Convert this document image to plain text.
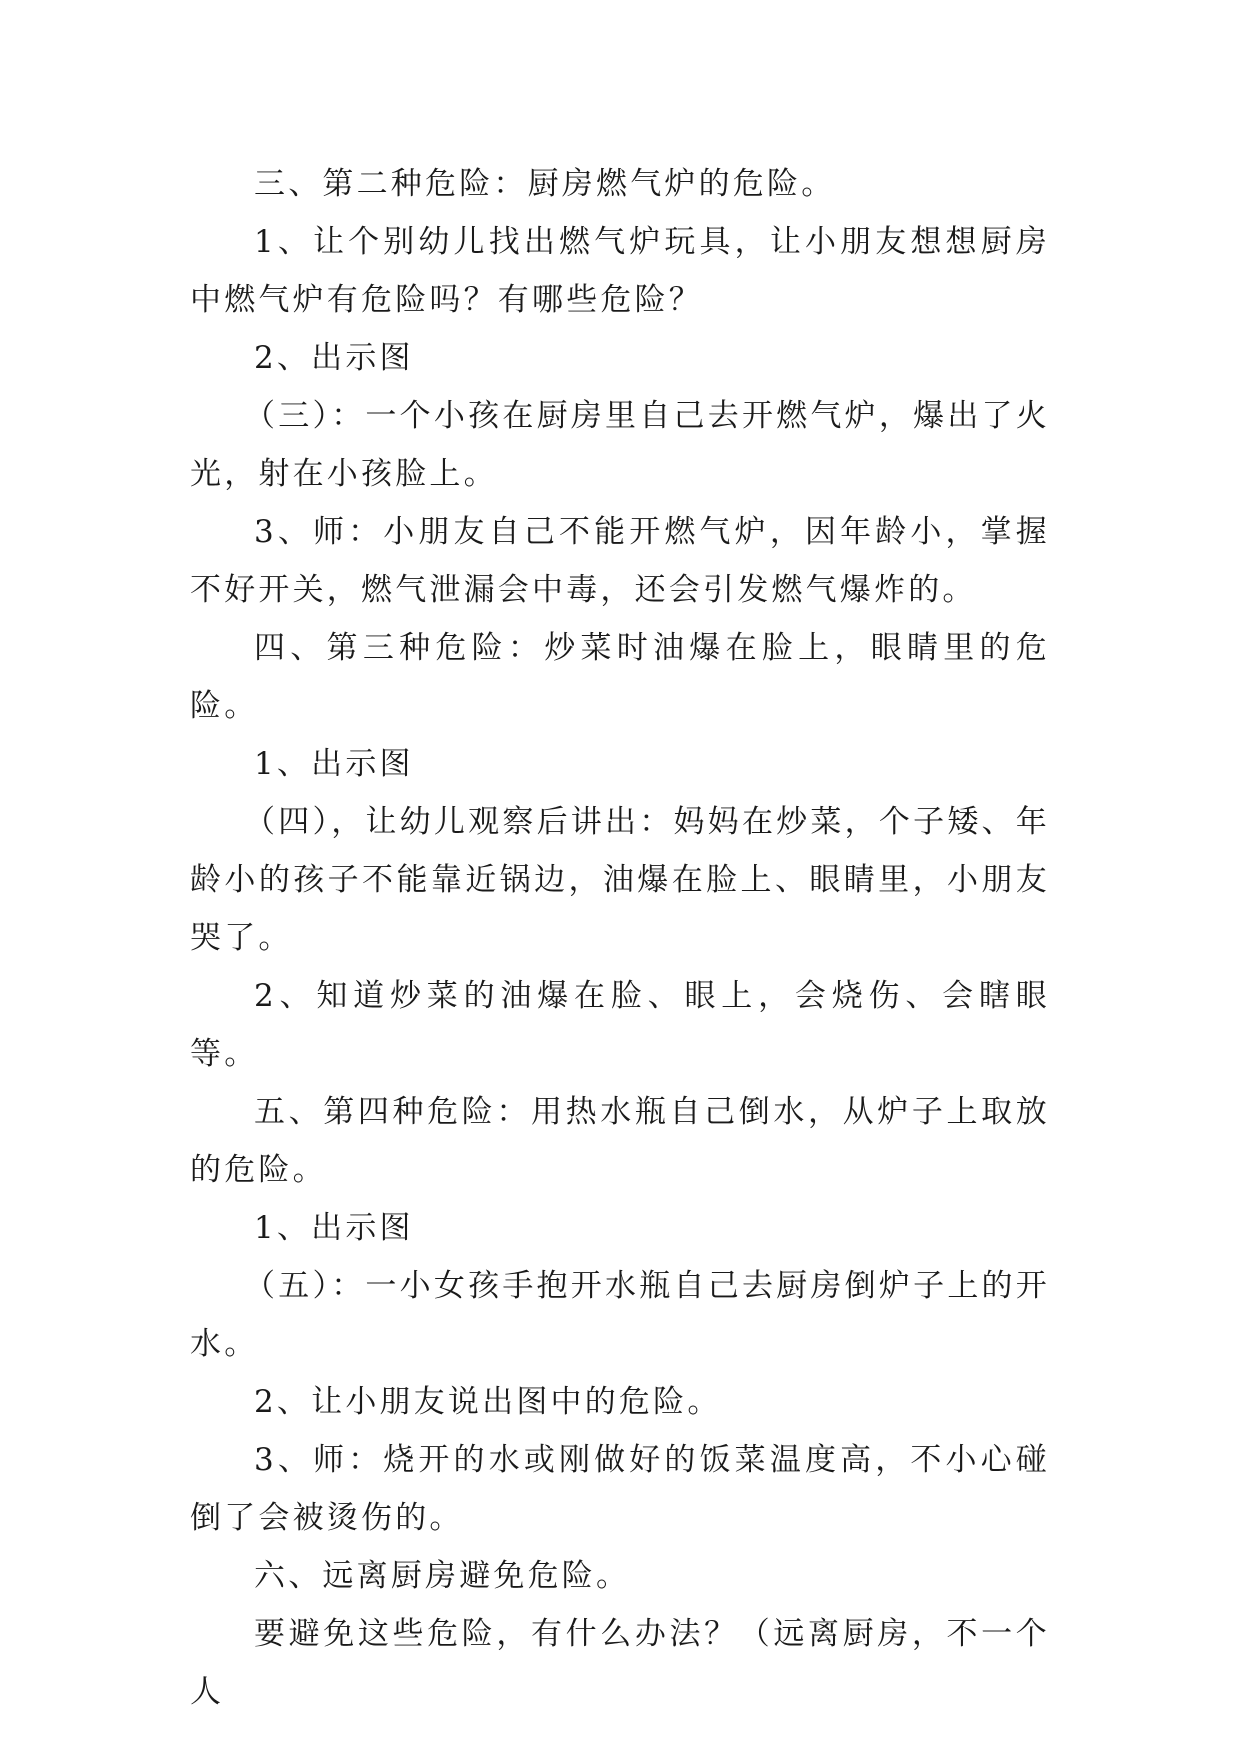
三、第二种危险：厨房燃气炉的危险。

1、让个别幼儿找出燃气炉玩具，让小朋友想想厨房中燃气炉有危险吗？有哪些危险？

2、出示图

（三）：一个小孩在厨房里自己去开燃气炉，爆出了火光，射在小孩脸上。

3、师：小朋友自己不能开燃气炉，因年龄小，掌握不好开关，燃气泄漏会中毒，还会引发燃气爆炸的。

四、第三种危险：炒菜时油爆在脸上，眼睛里的危险。

1、出示图

（四），让幼儿观察后讲出：妈妈在炒菜，个子矮、年龄小的孩子不能靠近锅边，油爆在脸上、眼睛里，小朋友哭了。

2、知道炒菜的油爆在脸、眼上，会烧伤、会瞎眼等。

五、第四种危险：用热水瓶自己倒水，从炉子上取放的危险。

1、出示图

（五）：一小女孩手抱开水瓶自己去厨房倒炉子上的开水。

2、让小朋友说出图中的危险。

3、师：烧开的水或刚做好的饭菜温度高，不小心碰倒了会被烫伤的。

六、远离厨房避免危险。

要避免这些危险，有什么办法？（远离厨房，不一个人
